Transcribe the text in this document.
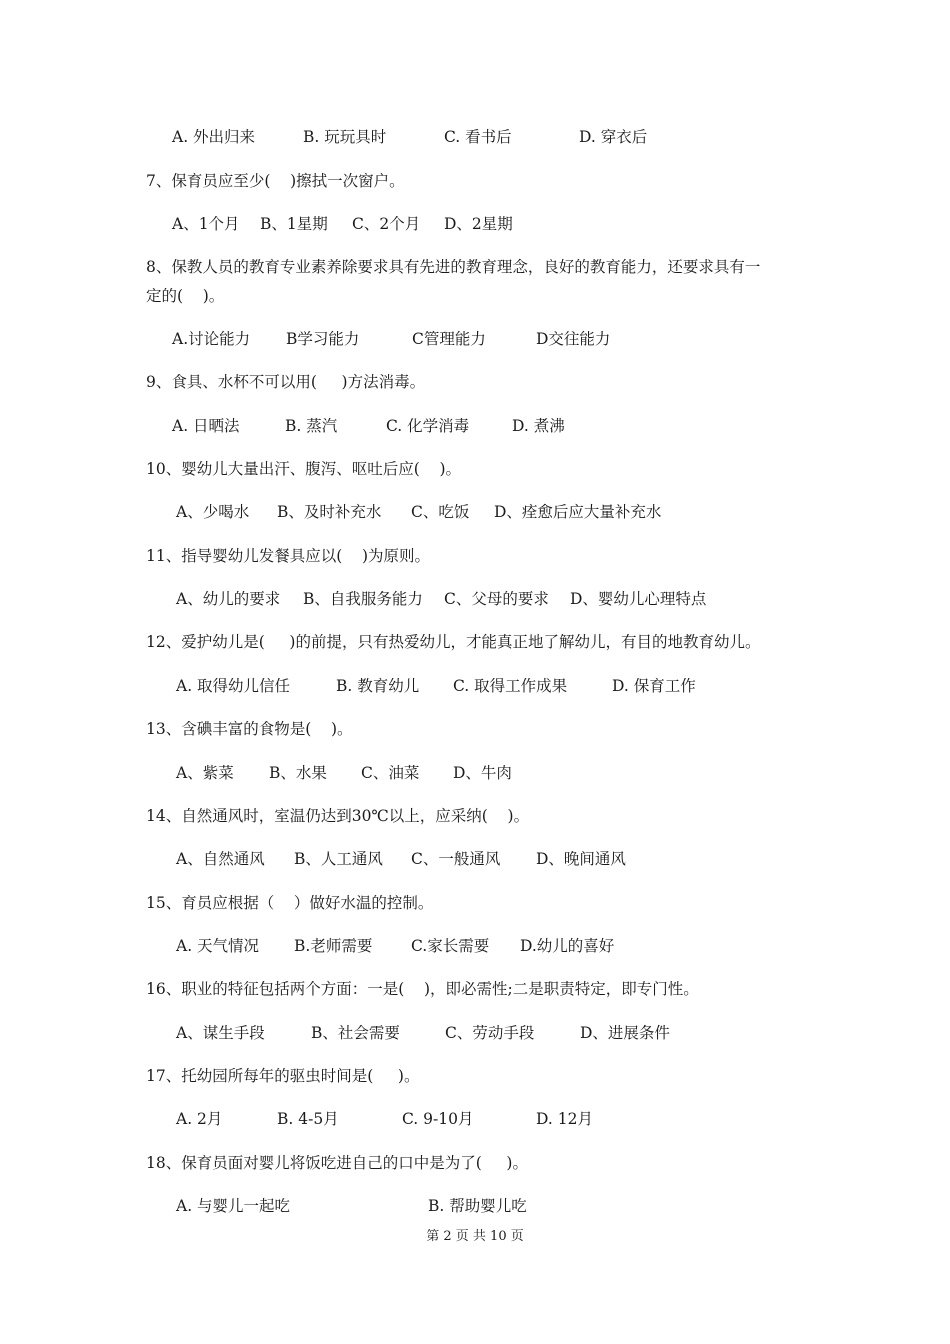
A. 外出归来

	B. 玩玩具时

	C. 看书后

	D. 穿衣后

7、保育员应至少(    )擦拭一次窗户。

A、1个月

B、1星期

C、2个月

D、2星期

8、保教人员的教育专业素养除要求具有先进的教育理念，良好的教育能力，还要求具有一
定的(    )。

A.讨论能力

B学习能力

	C管理能力

	D交往能力

9、食具、水杯不可以用(     )方法消毒。

A. 日晒法

	B. 蒸汽

	C. 化学消毒

	D. 煮沸

10、婴幼儿大量出汗、腹泻、呕吐后应(    )。

A、少喝水

B、及时补充水

C、吃饭

D、痊愈后应大量补充水

11、指导婴幼儿发餐具应以(    )为原则。

A、幼儿的要求

B、自我服务能力

C、父母的要求

D、婴幼儿心理特点

12、爱护幼儿是(     )的前提，只有热爱幼儿，才能真正地了解幼儿，有目的地教育幼儿。

A. 取得幼儿信任

	B. 教育幼儿

C. 取得工作成果

	D. 保育工作

13、含碘丰富的食物是(    )。

A、紫菜

B、水果

C、油菜

D、牛肉

14、自然通风时，室温仍达到30℃以上，应采纳(    )。

A、自然通风

B、人工通风

C、一般通风

D、晚间通风

15、育员应根据（    ）做好水温的控制。

A. 天气情况

B.老师需要

C.家长需要

D.幼儿的喜好

16、职业的特征包括两个方面：一是(    )，即必需性;二是职责特定，即专门性。

A、谋生手段

	B、社会需要

	C、劳动手段

	D、进展条件

17、托幼园所每年的驱虫时间是(     )。

A. 2月

	B. 4-5月

	C. 9-10月

	D. 12月

18、保育员面对婴儿将饭吃进自己的口中是为了(     )。

A. 与婴儿一起吃

	B. 帮助婴儿吃

第 2 页 共 10 页
